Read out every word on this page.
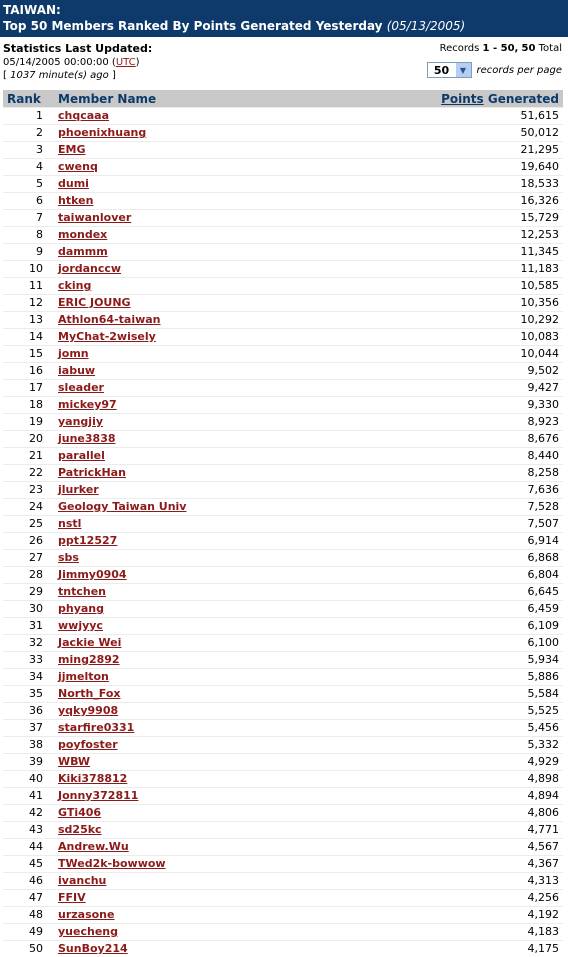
TAIWAN:
Top 50 Members Ranked By Points Generated Yesterday (05/13/2005)
Statistics Last Updated:
05/14/2005 00:00:00 (UTC)
[ 1037 minute(s) ago ]
Records 1 - 50, 50 Total
50	▼	records per page
Rank	Member Name	Points Generated
1	chqcaaa	51,615
2	phoenixhuang	50,012
3	EMG	21,295
4	cwenq	19,640
5	dumi	18,533
6	htken	16,326
7	taiwanlover	15,729
8	mondex	12,253
9	dammm	11,345
10	jordanccw	11,183
11	cking	10,585
12	ERIC JOUNG	10,356
13	Athlon64-taiwan	10,292
14	MyChat-2wisely	10,083
15	jomn	10,044
16	iabuw	9,502
17	sleader	9,427
18	mickey97	9,330
19	yangjiy	8,923
20	june3838	8,676
21	parallel	8,440
22	PatrickHan	8,258
23	jlurker	7,636
24	Geology Taiwan Univ	7,528
25	nstl	7,507
26	ppt12527	6,914
27	sbs	6,868
28	Jimmy0904	6,804
29	tntchen	6,645
30	phyang	6,459
31	wwjyyc	6,109
32	Jackie Wei	6,100
33	ming2892	5,934
34	jjmelton	5,886
35	North_Fox	5,584
36	yqky9908	5,525
37	starfire0331	5,456
38	poyfoster	5,332
39	WBW	4,929
40	Kiki378812	4,898
41	Jonny372811	4,894
42	GTi406	4,806
43	sd25kc	4,771
44	Andrew.Wu	4,567
45	TWed2k-bowwow	4,367
46	ivanchu	4,313
47	FFIV	4,256
48	urzasone	4,192
49	yuecheng	4,183
50	SunBoy214	4,175
